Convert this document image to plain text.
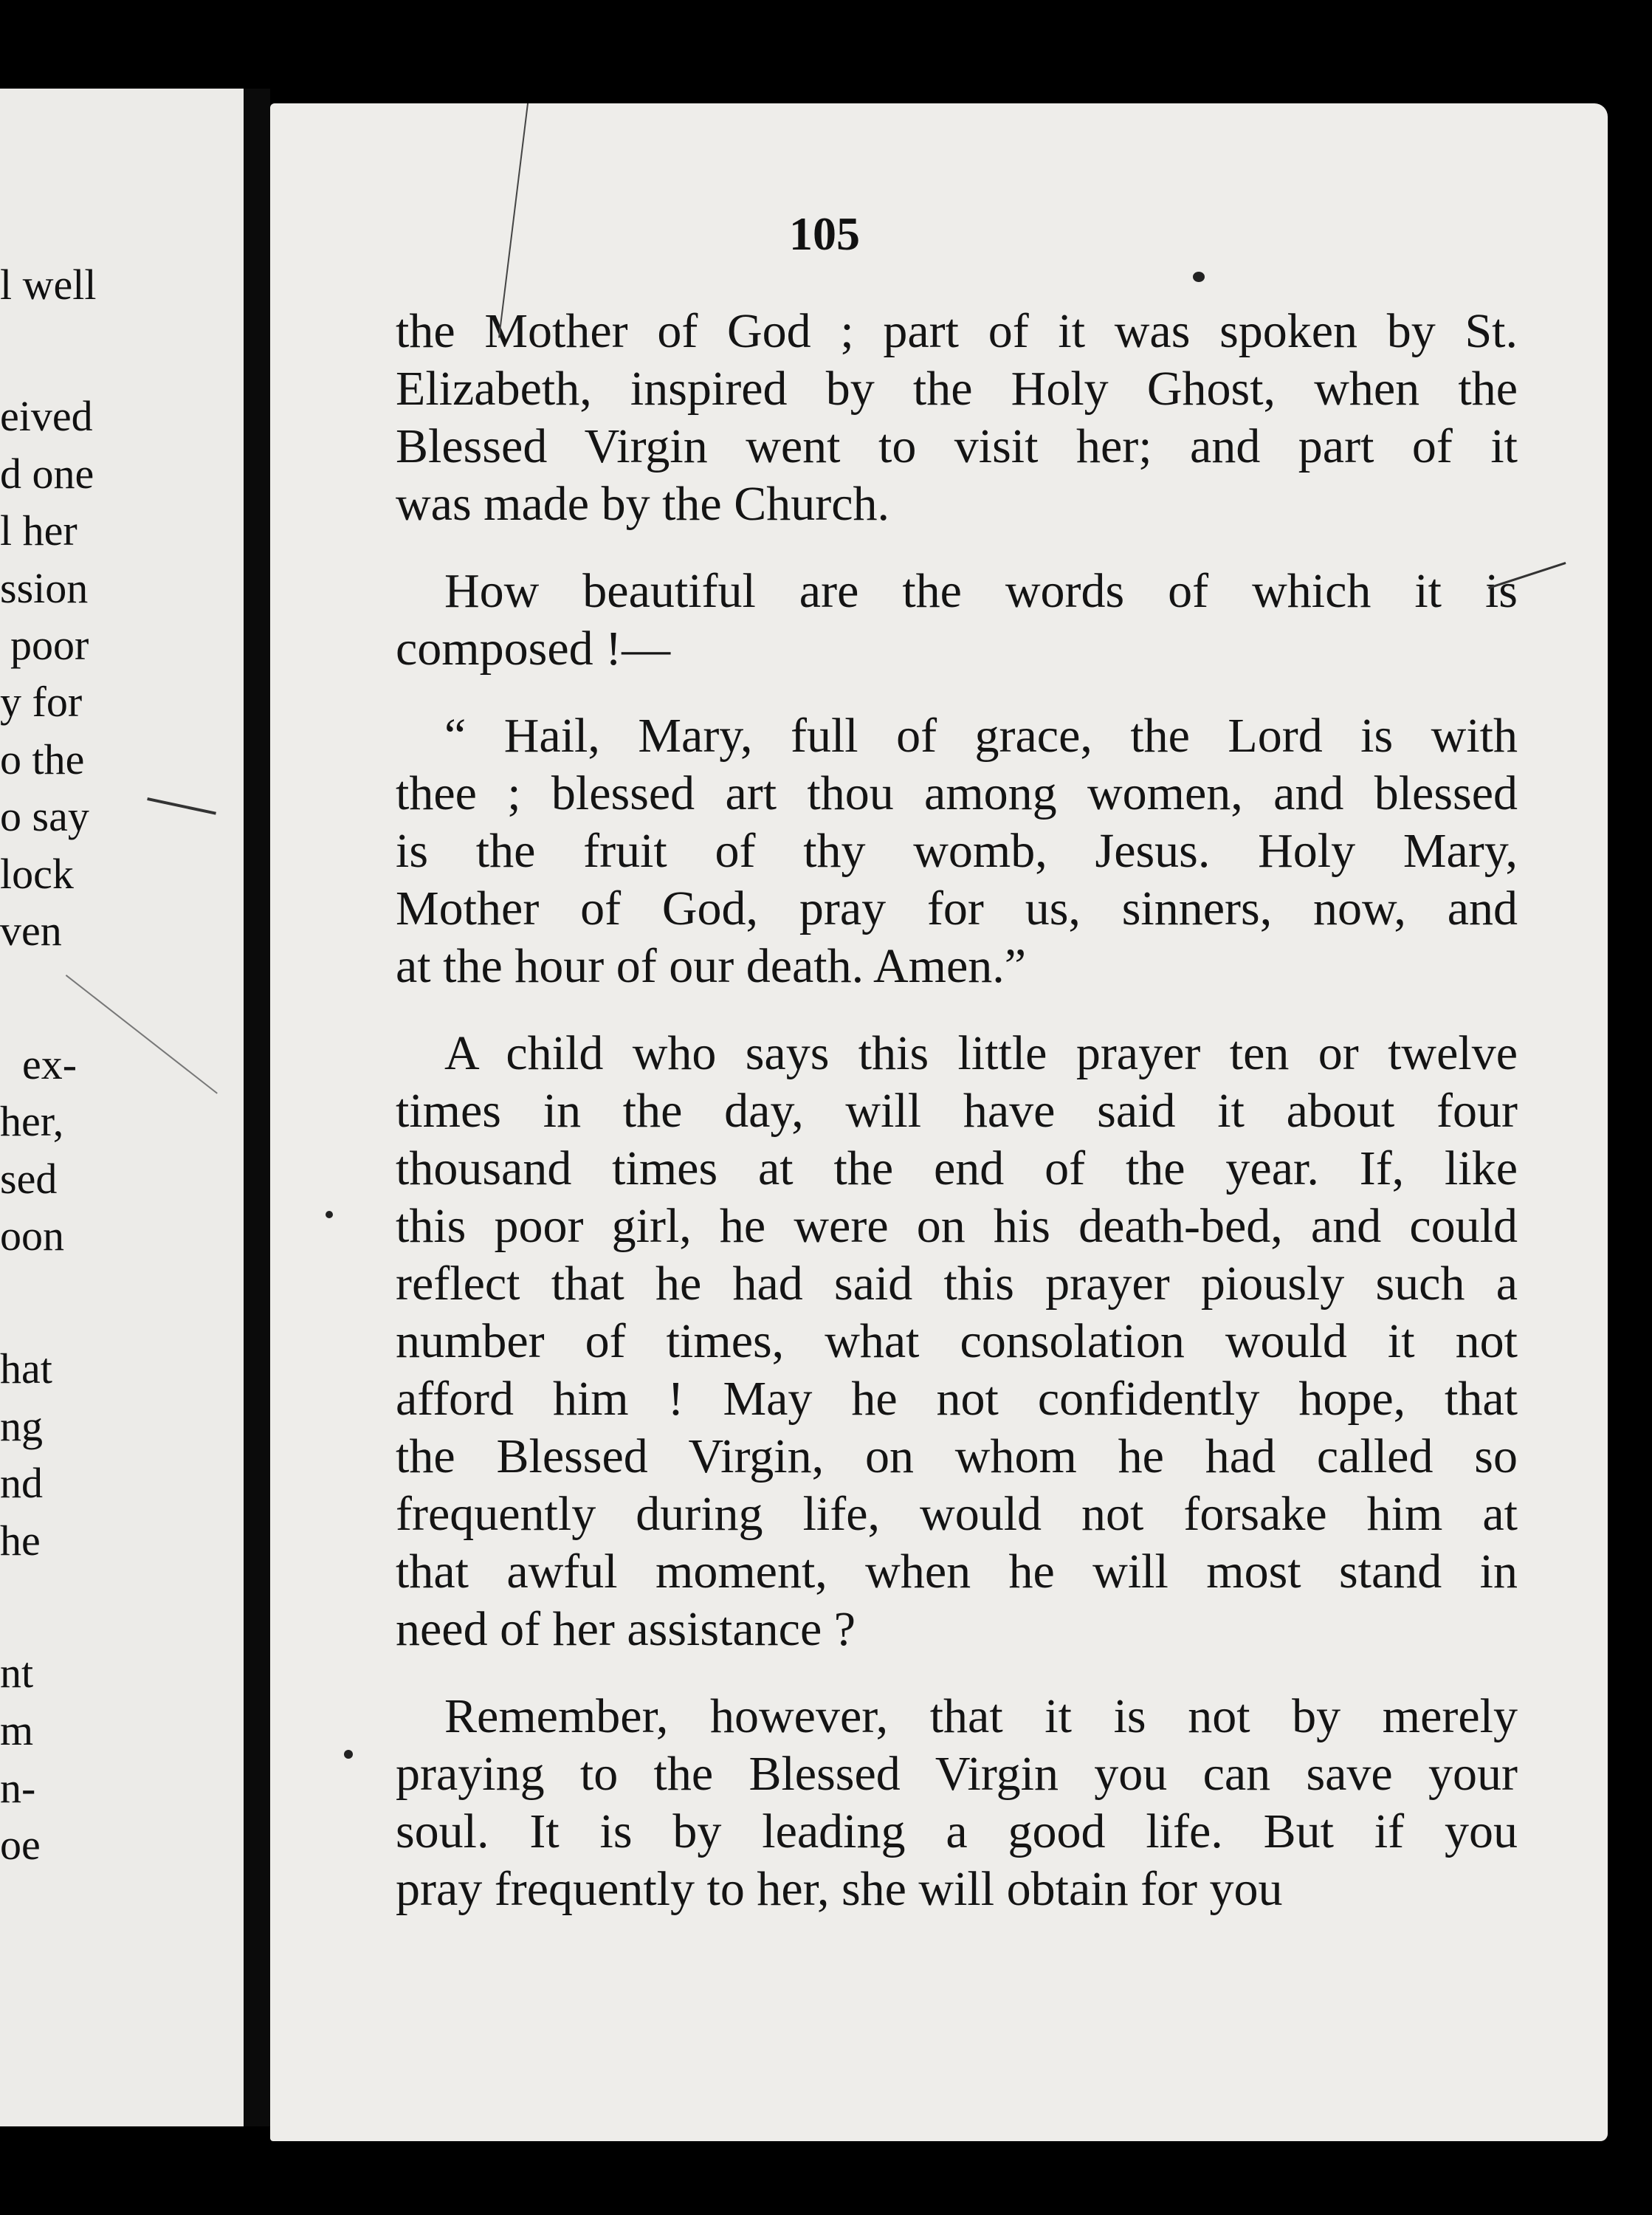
l well
eived
d one
l her
ssion
poor
y for
o the
o say
lock
ven
ex-
her,
sed
oon
hat
ng
nd
he
nt
m
n-
oe
105
the Mother of God ; part of it was spoken by St.
Elizabeth, inspired by the Holy Ghost, when the
Blessed Virgin went to visit her; and part of it
was made by the Church.
How beautiful are the words of which it is
composed !—
“ Hail, Mary, full of grace, the Lord is with
thee ; blessed art thou among women, and blessed
is the fruit of thy womb, Jesus. Holy Mary,
Mother of God, pray for us, sinners, now, and
at the hour of our death. Amen.”
A child who says this little prayer ten or twelve
times in the day, will have said it about four
thousand times at the end of the year. If, like
this poor girl, he were on his death-bed, and could
reflect that he had said this prayer piously such a
number of times, what consolation would it not
afford him ! May he not confidently hope, that
the Blessed Virgin, on whom he had called so
frequently during life, would not forsake him at
that awful moment, when he will most stand in
need of her assistance ?
Remember, however, that it is not by merely
praying to the Blessed Virgin you can save your
soul. It is by leading a good life. But if you
pray frequently to her, she will obtain for you
